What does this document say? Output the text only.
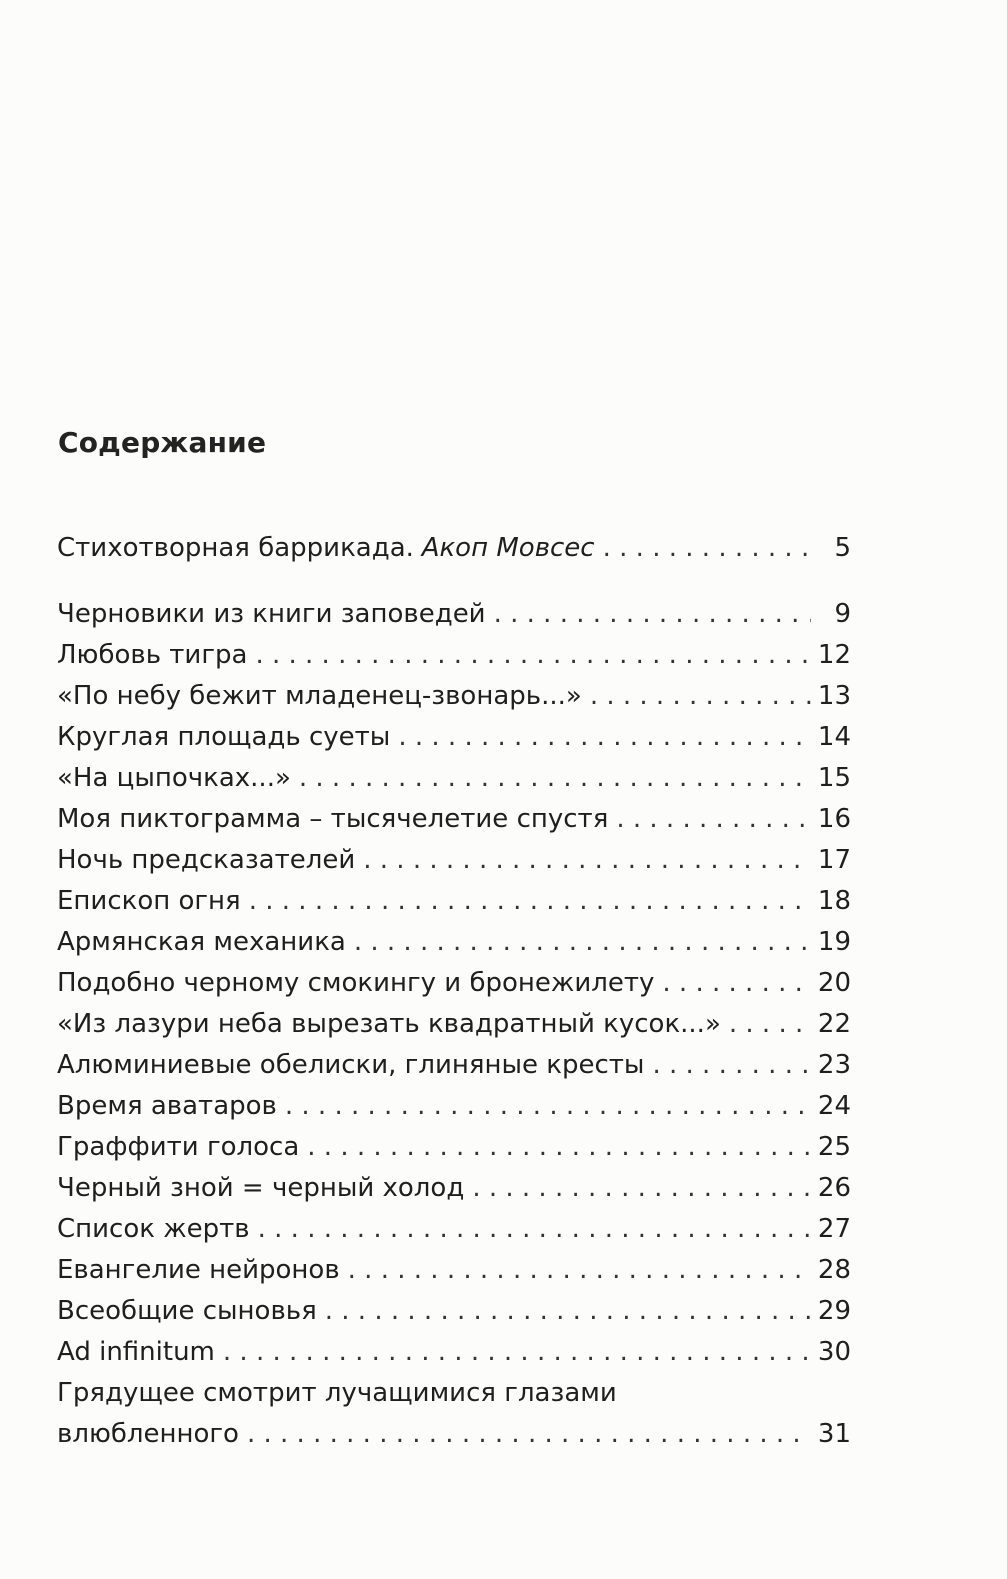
Содержание
Стихотворная баррикада. Акоп Мовсес . . .	5
Черновики из книги заповедей . . .	9
Любовь тигра . . .	12
«По небу бежит младенец-звонарь...» . . .	13
Круглая площадь суеты . . .	14
«На цыпочках...» . . .	15
Моя пиктограмма – тысячелетие спустя . . .	16
Ночь предсказателей . . .	17
Епископ огня . . .	18
Армянская механика . . .	19
Подобно черному смокингу и бронежилету . . .	20
«Из лазури неба вырезать квадратный кусок...» . . .	22
Алюминиевые обелиски, глиняные кресты . . .	23
Время аватаров . . .	24
Граффити голоса . . .	25
Черный зной = черный холод . . .	26
Список жертв . . .	27
Евангелие нейронов . . .	28
Всеобщие сыновья . . .	29
Ad infinitum . . .	30
Грядущее смотрит лучащимися глазами
влюбленного . . .	31
